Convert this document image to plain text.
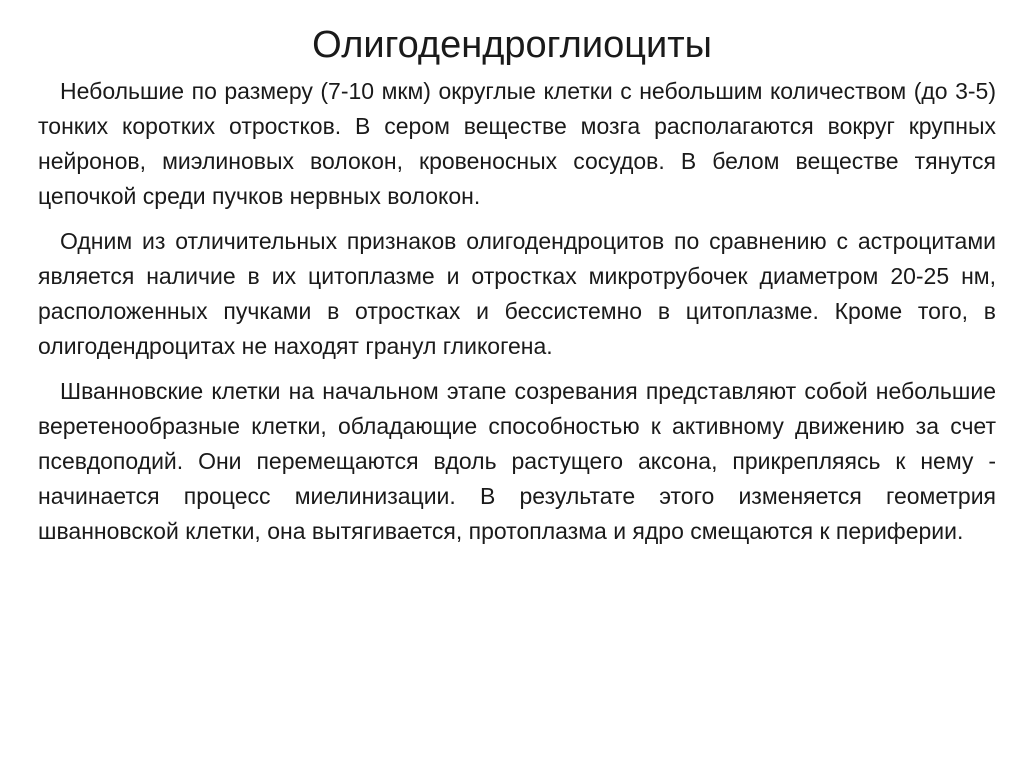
Олигодендроглиоциты

Небольшие по размеру (7-10 мкм) округлые клетки с небольшим количеством (до 3-5) тонких коротких отростков. В сером веществе мозга располагаются вокруг крупных нейронов, миэлиновых волокон, кровеносных сосудов. В белом веществе тянутся цепочкой среди пучков нервных волокон.

Одним из отличительных признаков олигодендроцитов по сравнению с астроцитами является наличие в их цитоплазме и отростках микротрубочек диаметром 20-25 нм, расположенных пучками в отростках и бессистемно в цитоплазме. Кроме того, в олигодендроцитах не находят гранул гликогена.

Шванновские клетки на начальном этапе созревания представляют собой небольшие веретенообразные клетки, обладающие способностью к активному движению за счет псевдоподий. Они перемещаются вдоль растущего аксона, прикрепляясь к нему - начинается процесс миелинизации. В результате этого изменяется геометрия шванновской клетки, она вытягивается, протоплазма и ядро смещаются к периферии.
